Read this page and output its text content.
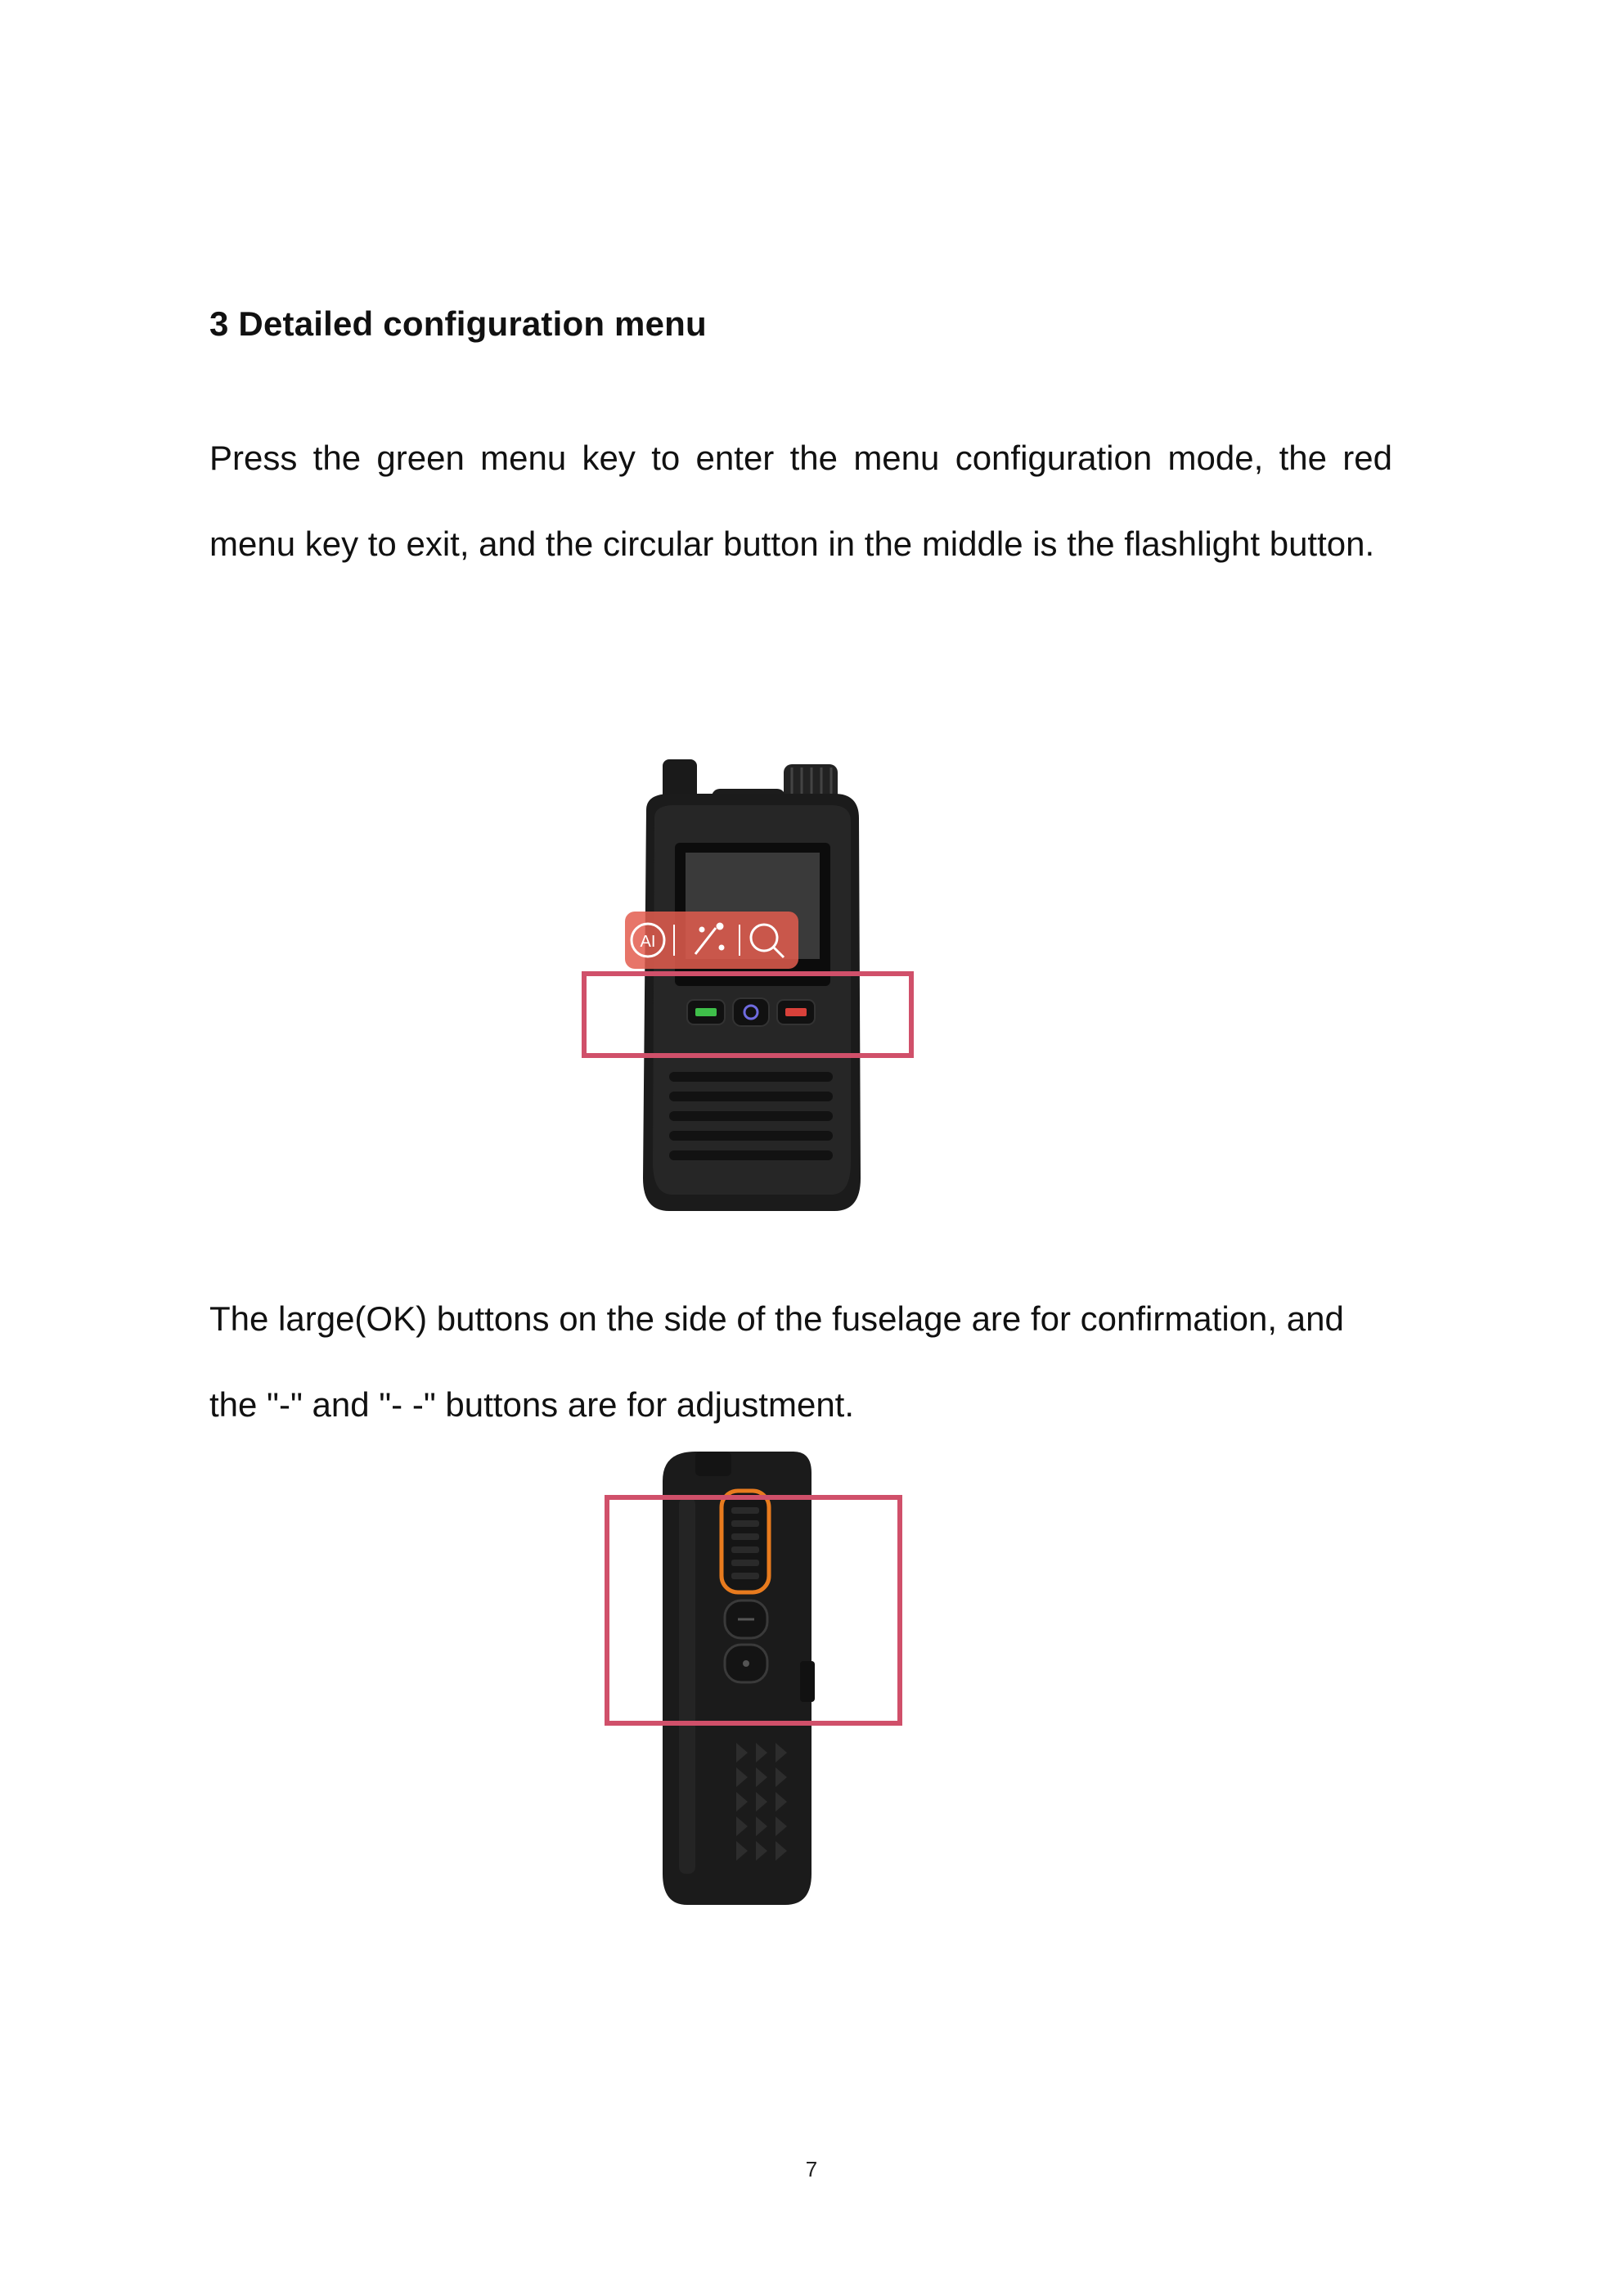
3 Detailed configuration menu
Press the green menu key to enter the menu configuration mode, the red menu key to exit, and the circular button in the middle is the flashlight button.
AI
The large(OK) buttons on the side of the fuselage are for confirmation, and the "-" and "- -" buttons are for adjustment.
7
